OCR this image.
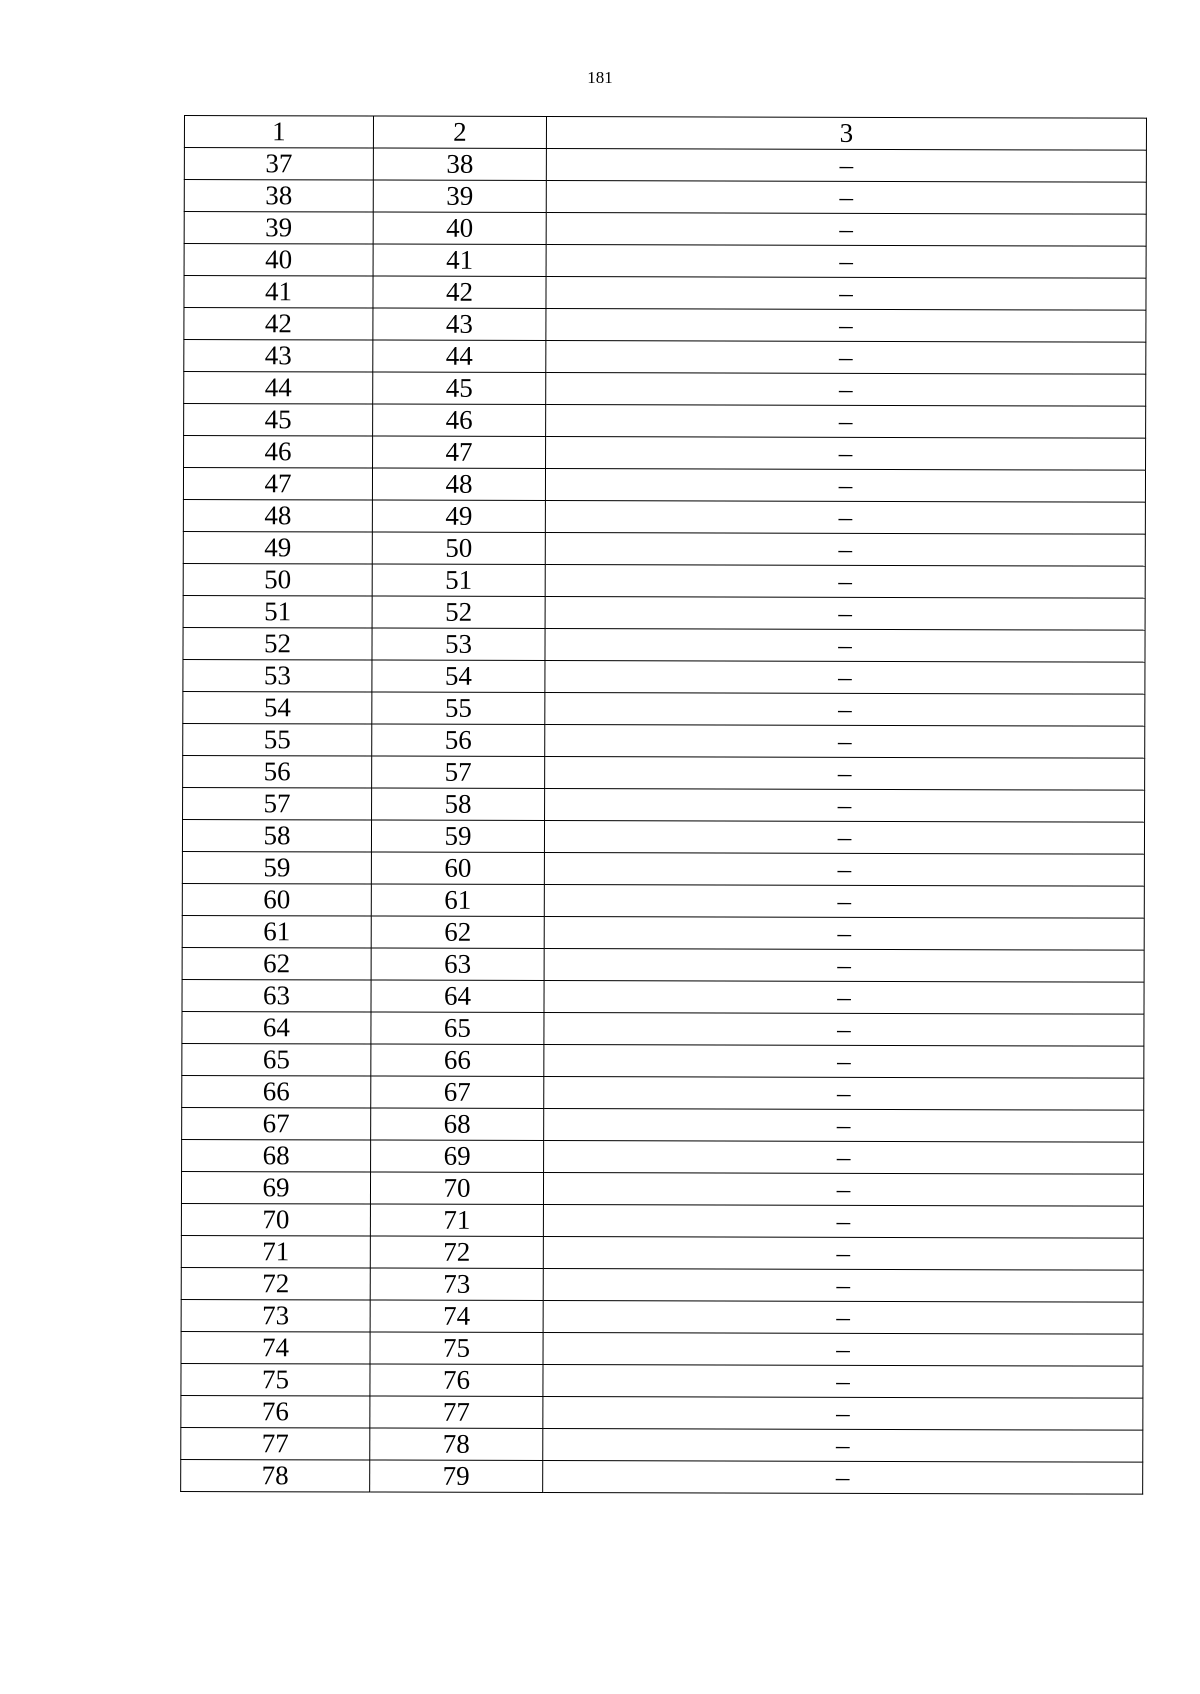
181
1	2	3
37	38	–
38	39	–
39	40	–
40	41	–
41	42	–
42	43	–
43	44	–
44	45	–
45	46	–
46	47	–
47	48	–
48	49	–
49	50	–
50	51	–
51	52	–
52	53	–
53	54	–
54	55	–
55	56	–
56	57	–
57	58	–
58	59	–
59	60	–
60	61	–
61	62	–
62	63	–
63	64	–
64	65	–
65	66	–
66	67	–
67	68	–
68	69	–
69	70	–
70	71	–
71	72	–
72	73	–
73	74	–
74	75	–
75	76	–
76	77	–
77	78	–
78	79	–
